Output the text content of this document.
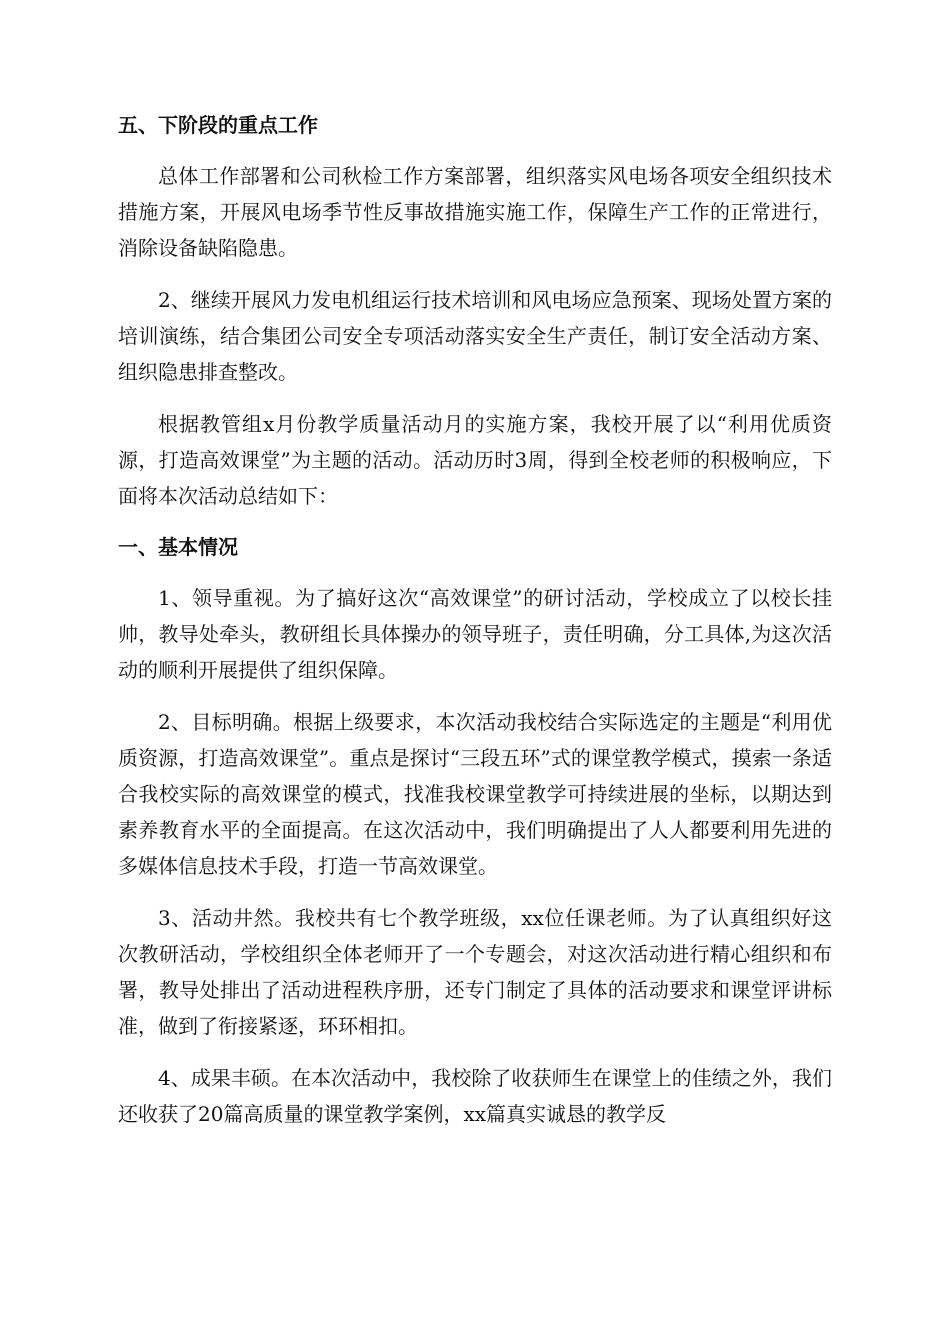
五、下阶段的重点工作

总体工作部署和公司秋检工作方案部署，组织落实风电场各项安全组织技术措施方案，开展风电场季节性反事故措施实施工作，保障生产工作的正常进行，消除设备缺陷隐患。

2、继续开展风力发电机组运行技术培训和风电场应急预案、现场处置方案的培训演练，结合集团公司安全专项活动落实安全生产责任，制订安全活动方案、组织隐患排查整改。

根据教管组x月份教学质量活动月的实施方案，我校开展了以“利用优质资源，打造高效课堂”为主题的活动。活动历时3周，得到全校老师的积极响应，下面将本次活动总结如下：

一、基本情况

1、领导重视。为了搞好这次“高效课堂”的研讨活动，学校成立了以校长挂帅，教导处牵头，教研组长具体操办的领导班子，责任明确，分工具体,为这次活动的顺利开展提供了组织保障。

2、目标明确。根据上级要求，本次活动我校结合实际选定的主题是“利用优质资源，打造高效课堂”。重点是探讨“三段五环”式的课堂教学模式，摸索一条适合我校实际的高效课堂的模式，找准我校课堂教学可持续进展的坐标，以期达到素养教育水平的全面提高。在这次活动中，我们明确提出了人人都要利用先进的多媒体信息技术手段，打造一节高效课堂。

3、活动井然。我校共有七个教学班级，xx位任课老师。为了认真组织好这次教研活动，学校组织全体老师开了一个专题会，对这次活动进行精心组织和布署，教导处排出了活动进程秩序册，还专门制定了具体的活动要求和课堂评讲标准，做到了衔接紧逐，环环相扣。

4、成果丰硕。在本次活动中，我校除了收获师生在课堂上的佳绩之外，我们还收获了20篇高质量的课堂教学案例，xx篇真实诚恳的教学反
